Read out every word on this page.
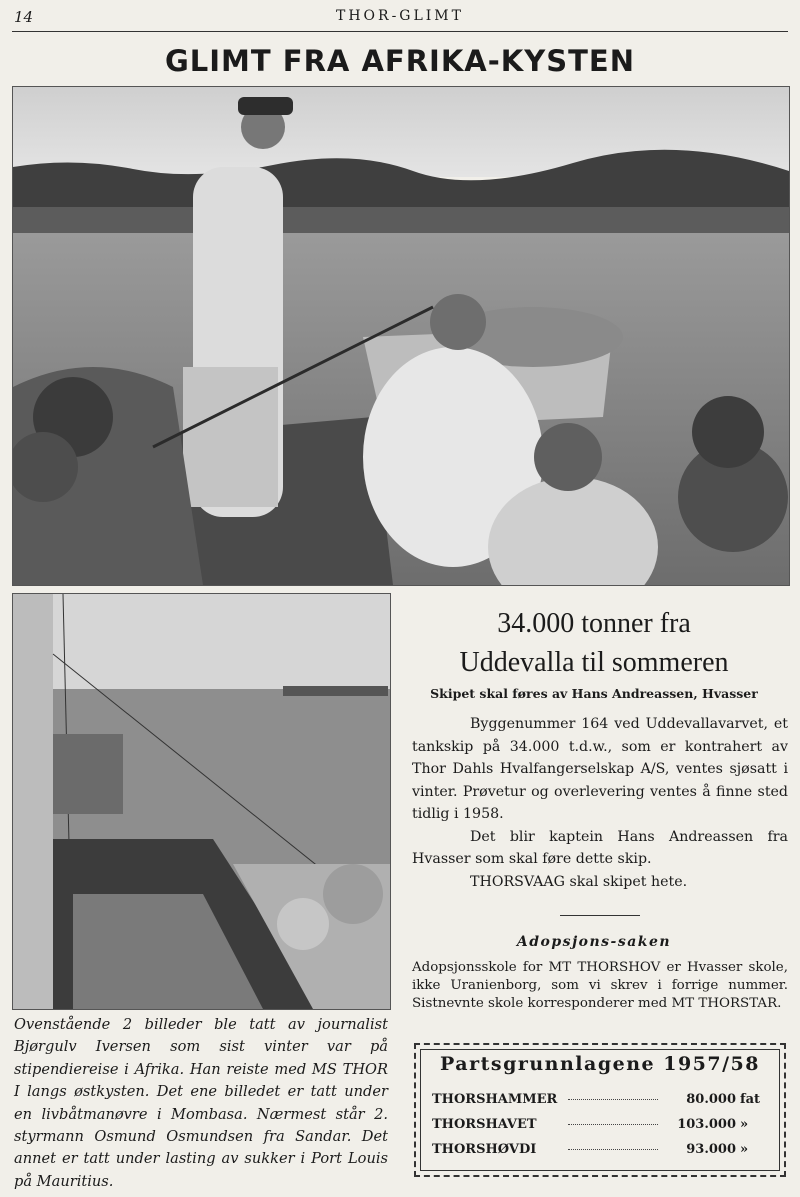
14	THOR-GLIMT
GLIMT FRA AFRIKA-KYSTEN
Ovenstående 2 billeder ble tatt av journalist Bjørgulv Iversen som sist vinter var på stipendiereise i Afrika. Han reiste med MS THOR I langs østkysten. Det ene billedet er tatt under en livbåtmanøvre i Mombasa. Nærmest står 2. styrmann Osmund Osmundsen fra Sandar. Det annet er tatt under lasting av sukker i Port Louis på Mauritius.
34.000 tonner fra
Uddevalla til sommeren
Skipet skal føres av Hans Andreassen, Hvasser

Byggenummer 164 ved Uddevallavarvet, et tankskip på 34.000 t.d.w., som er kontrahert av Thor Dahls Hvalfangerselskap A/S, ventes sjøsatt i vinter. Prøvetur og overlevering ventes å finne sted tidlig i 1958.

Det blir kaptein Hans Andreassen fra Hvasser som skal føre dette skip.

THORSVAAG skal skipet hete.

Adopsjons-saken
Adopsjonsskole for MT THORSHOV er Hvasser skole, ikke Uranienborg, som vi skrev i forrige nummer. Sistnevnte skole korresponderer med MT THORSTAR.
Partsgrunnlagene 1957/58
THORSHAMMER	80.000 fat
THORSHAVET	103.000 »
THORSHØVDI	93.000 »
